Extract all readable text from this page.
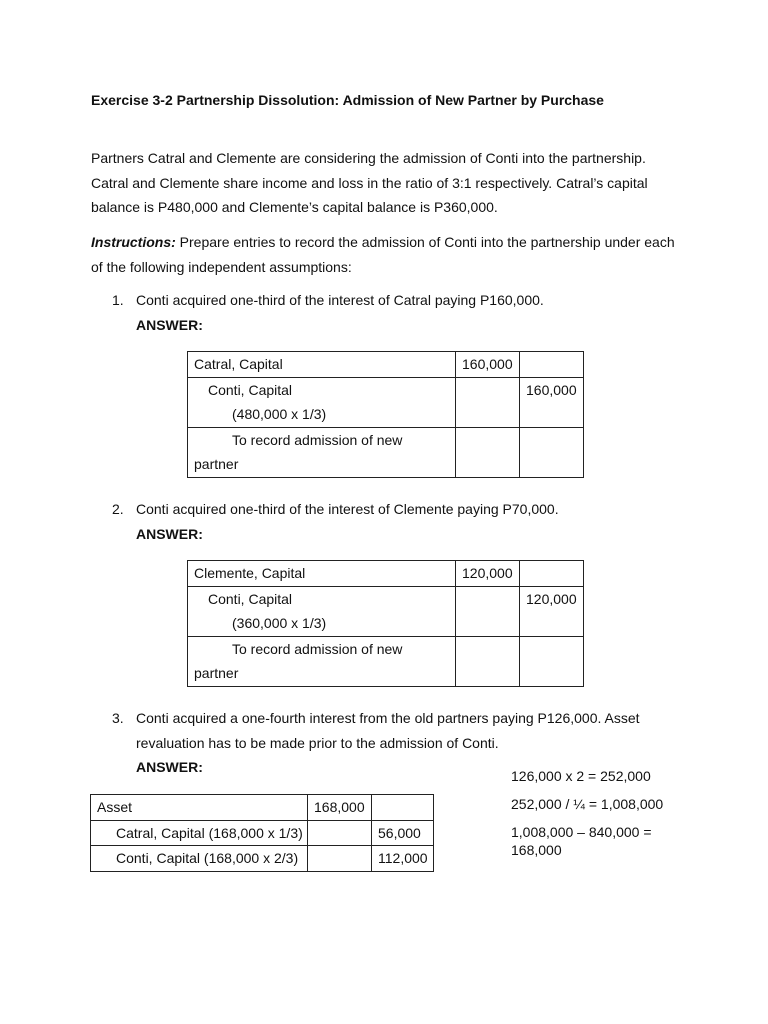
Exercise 3-2 Partnership Dissolution: Admission of New Partner by Purchase
Partners Catral and Clemente are considering the admission of Conti into the partnership.
Catral and Clemente share income and loss in the ratio of 3:1 respectively. Catral’s capital
balance is P480,000 and Clemente’s capital balance is P360,000.
Instructions: Prepare entries to record the admission of Conti into the partnership under each
of the following independent assumptions:
1. Conti acquired one-third of the interest of Catral paying P160,000.
ANSWER:
Catral, Capital	160,000	

Conti, Capital
(480,000 x 1/3)		160,000

To record admission of new
partner		

2. Conti acquired one-third of the interest of Clemente paying P70,000.
ANSWER:
Clemente, Capital	120,000	

Conti, Capital
(360,000 x 1/3)		120,000

To record admission of new
partner		

3. Conti acquired a one-fourth interest from the old partners paying P126,000. Asset
revaluation has to be made prior to the admission of Conti.
ANSWER:
Asset	168,000	
Catral, Capital (168,000 x 1/3)		56,000
Conti, Capital (168,000 x 2/3)		112,000
126,000 x 2 = 252,000
252,000 / ¼ = 1,008,000
1,008,000 – 840,000 =
168,000
